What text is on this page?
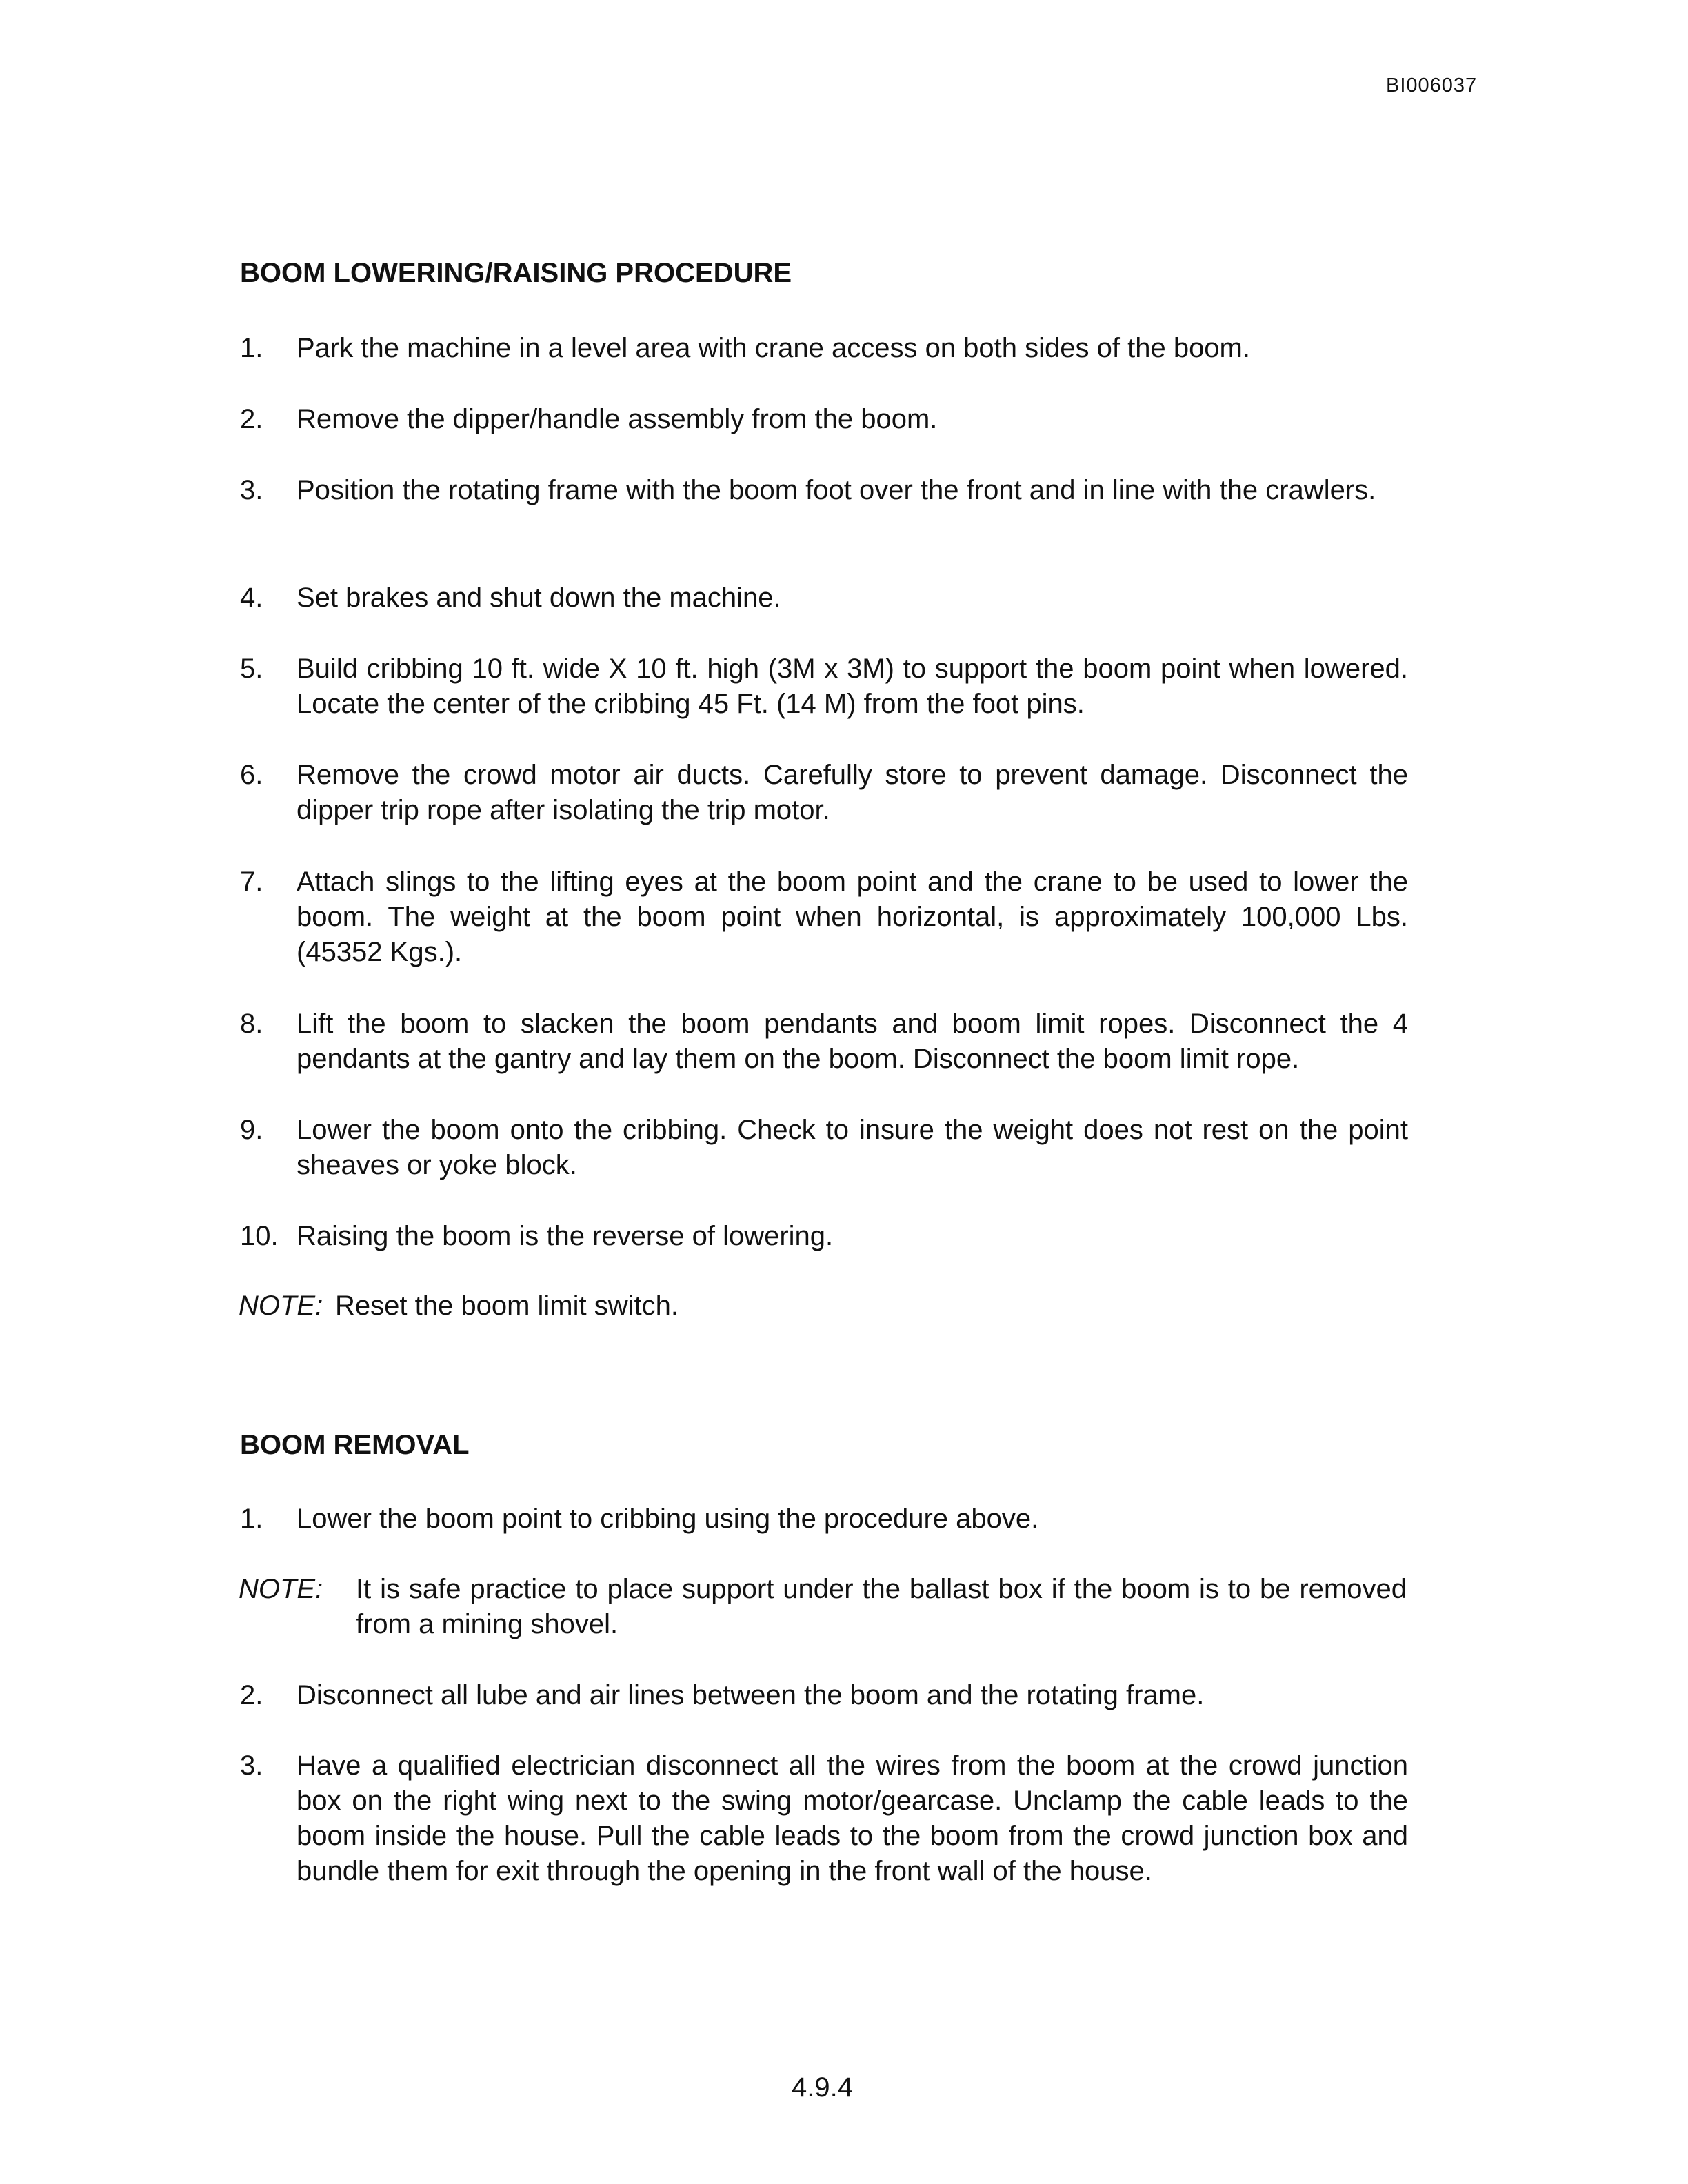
BI006037
BOOM LOWERING/RAISING PROCEDURE
1. Park the machine in a level area with crane access on both sides of the boom.
2. Remove the dipper/handle assembly from the boom.
3. Position the rotating frame with the boom foot over the front and in line with the crawlers.
4. Set brakes and shut down the machine.
5. Build cribbing 10 ft. wide X 10 ft. high (3M x 3M) to support the boom point when lowered. Locate the center of the cribbing 45 Ft. (14 M) from the foot pins.
6. Remove the crowd motor air ducts. Carefully store to prevent damage. Disconnect the dipper trip rope after isolating the trip motor.
7. Attach slings to the lifting eyes at the boom point and the crane to be used to lower the boom. The weight at the boom point when horizontal, is approximately 100,000 Lbs. (45352 Kgs.).
8. Lift the boom to slacken the boom pendants and boom limit ropes. Disconnect the 4 pendants at the gantry and lay them on the boom. Disconnect the boom limit rope.
9. Lower the boom onto the cribbing. Check to insure the weight does not rest on the point sheaves or yoke block.
10. Raising the boom is the reverse of lowering.
NOTE: Reset the boom limit switch.
BOOM REMOVAL
1. Lower the boom point to cribbing using the procedure above.
NOTE: It is safe practice to place support under the ballast box if the boom is to be removed from a mining shovel.
2. Disconnect all lube and air lines between the boom and the rotating frame.
3. Have a qualified electrician disconnect all the wires from the boom at the crowd junction box on the right wing next to the swing motor/gearcase. Unclamp the cable leads to the boom inside the house. Pull the cable leads to the boom from the crowd junction box and bundle them for exit through the opening in the front wall of the house.
4.9.4
